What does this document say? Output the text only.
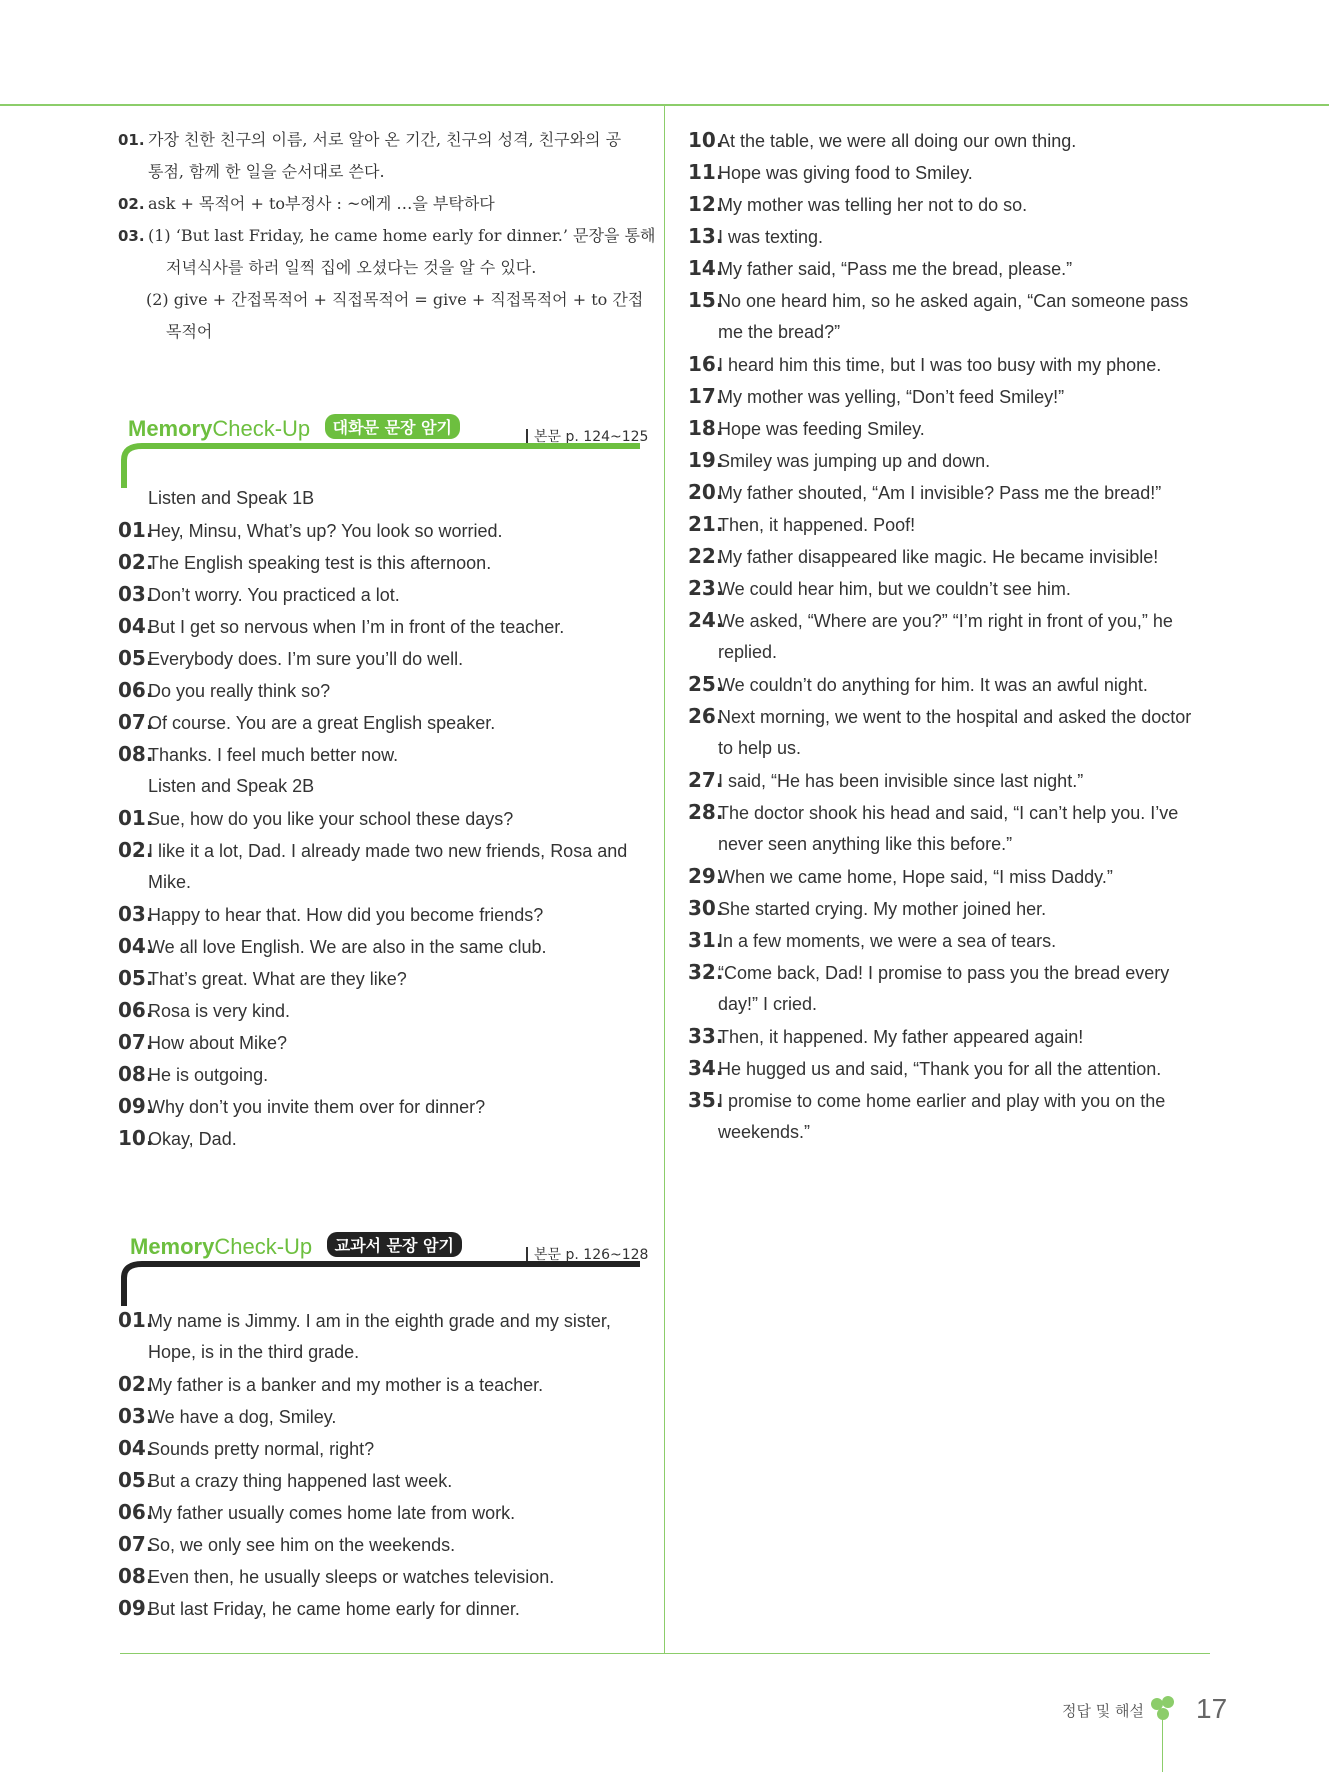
01. 가장 친한 친구의 이름, 서로 알아 온 기간, 친구의 성격, 친구와의 공
통점, 함께 한 일을 순서대로 쓴다.
02. ask + 목적어 + to부정사 : ~에게 …을 부탁하다
03. (1) ‘But last Friday, he came home early for dinner.’ 문장을 통해
저녁식사를 하러 일찍 집에 오셨다는 것을 알 수 있다.
(2) give + 간접목적어 + 직접목적어 = give + 직접목적어 + to 간접
목적어
MemoryCheck-Up 대화문 문장 암기	본문 p. 124~125
Listen and Speak 1B
01.Hey, Minsu, What’s up? You look so worried.
02.The English speaking test is this afternoon.
03.Don’t worry. You practiced a lot.
04.But I get so nervous when I’m in front of the teacher.
05.Everybody does. I’m sure you’ll do well.
06.Do you really think so?
07.Of course. You are a great English speaker.
08.Thanks. I feel much better now.
Listen and Speak 2B
01.Sue, how do you like your school these days?
02.I like it a lot, Dad. I already made two new friends, Rosa and
Mike.
03.Happy to hear that. How did you become friends?
04.We all love English. We are also in the same club.
05.That’s great. What are they like?
06.Rosa is very kind.
07.How about Mike?
08.He is outgoing.
09.Why don’t you invite them over for dinner?
10.Okay, Dad.
MemoryCheck-Up 교과서 문장 암기	본문 p. 126~128
01.My name is Jimmy. I am in the eighth grade and my sister,
Hope, is in the third grade.
02.My father is a banker and my mother is a teacher.
03.We have a dog, Smiley.
04.Sounds pretty normal, right?
05.But a crazy thing happened last week.
06.My father usually comes home late from work.
07.So, we only see him on the weekends.
08.Even then, he usually sleeps or watches television.
09.But last Friday, he came home early for dinner.
10.At the table, we were all doing our own thing.
11.Hope was giving food to Smiley.
12.My mother was telling her not to do so.
13.I was texting.
14.My father said, “Pass me the bread, please.”
15.No one heard him, so he asked again, “Can someone pass
me the bread?”
16.I heard him this time, but I was too busy with my phone.
17.My mother was yelling, “Don’t feed Smiley!”
18.Hope was feeding Smiley.
19.Smiley was jumping up and down.
20.My father shouted, “Am I invisible? Pass me the bread!”
21.Then, it happened. Poof!
22.My father disappeared like magic. He became invisible!
23.We could hear him, but we couldn’t see him.
24.We asked, “Where are you?” “I’m right in front of you,” he
replied.
25.We couldn’t do anything for him. It was an awful night.
26.Next morning, we went to the hospital and asked the doctor
to help us.
27.I said, “He has been invisible since last night.”
28.The doctor shook his head and said, “I can’t help you. I’ve
never seen anything like this before.”
29.When we came home, Hope said, “I miss Daddy.”
30.She started crying. My mother joined her.
31.In a few moments, we were a sea of tears.
32.“Come back, Dad! I promise to pass you the bread every
day!” I cried.
33.Then, it happened. My father appeared again!
34.He hugged us and said, “Thank you for all the attention.
35.I promise to come home earlier and play with you on the
weekends.”
정답 및 해설 17
